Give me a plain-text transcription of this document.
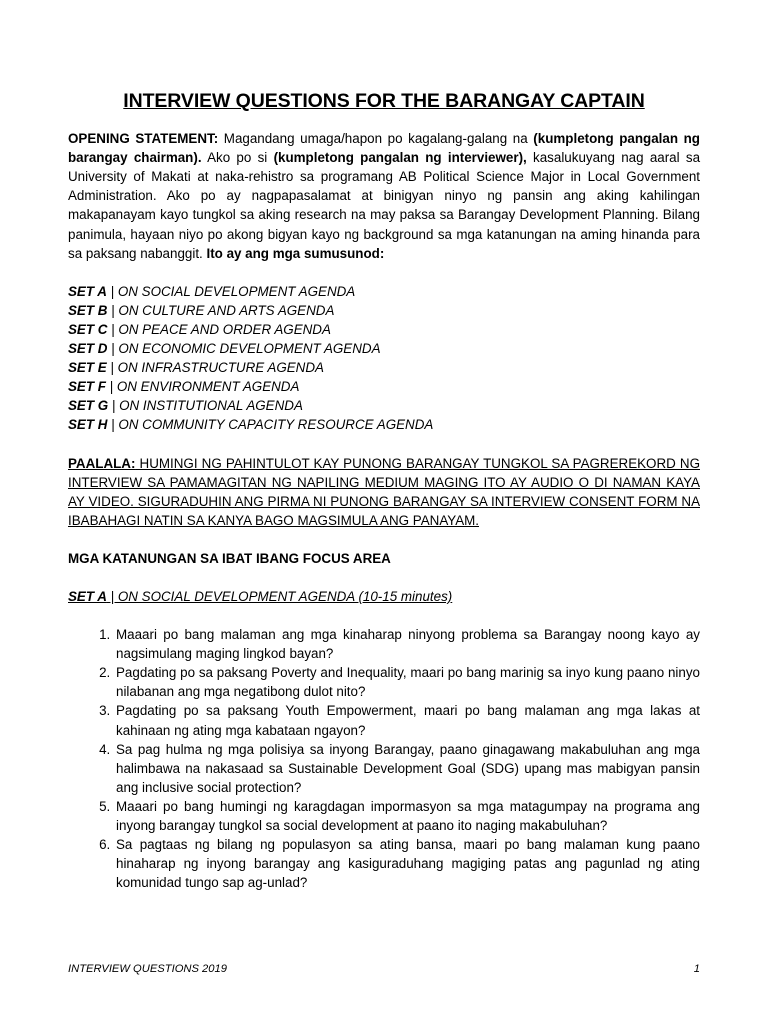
INTERVIEW QUESTIONS FOR THE BARANGAY CAPTAIN

OPENING STATEMENT: Magandang umaga/hapon po kagalang-galang na (kumpletong pangalan ng barangay chairman). Ako po si (kumpletong pangalan ng interviewer), kasalukuyang nag aaral sa University of Makati at naka-rehistro sa programang AB Political Science Major in Local Government Administration. Ako po ay nagpapasalamat at binigyan ninyo ng pansin ang aking kahilingan makapanayam kayo tungkol sa aking research na may paksa sa Barangay Development Planning. Bilang panimula, hayaan niyo po akong bigyan kayo ng background sa mga katanungan na aming hinanda para sa paksang nabanggit. Ito ay ang mga sumusunod:

SET A | ON SOCIAL DEVELOPMENT AGENDA
SET B | ON CULTURE AND ARTS AGENDA
SET C | ON PEACE AND ORDER AGENDA
SET D | ON ECONOMIC DEVELOPMENT AGENDA
SET E | ON INFRASTRUCTURE AGENDA
SET F | ON ENVIRONMENT AGENDA
SET G | ON INSTITUTIONAL AGENDA
SET H | ON COMMUNITY CAPACITY RESOURCE AGENDA

PAALALA: HUMINGI NG PAHINTULOT KAY PUNONG BARANGAY TUNGKOL SA PAGREREKORD NG INTERVIEW SA PAMAMAGITAN NG NAPILING MEDIUM MAGING ITO AY AUDIO O DI NAMAN KAYA AY VIDEO. SIGURADUHIN ANG PIRMA NI PUNONG BARANGAY SA INTERVIEW CONSENT FORM NA IBABAHAGI NATIN SA KANYA BAGO MAGSIMULA ANG PANAYAM.

MGA KATANUNGAN SA IBAT IBANG FOCUS AREA
SET A | ON SOCIAL DEVELOPMENT AGENDA (10-15 minutes)
1. Maaari po bang malaman ang mga kinaharap ninyong problema sa Barangay noong kayo ay nagsimulang maging lingkod bayan?
2. Pagdating po sa paksang Poverty and Inequality, maari po bang marinig sa inyo kung paano ninyo nilabanan ang mga negatibong dulot nito?
3. Pagdating po sa paksang Youth Empowerment, maari po bang malaman ang mga lakas at kahinaan ng ating mga kabataan ngayon?
4. Sa pag hulma ng mga polisiya sa inyong Barangay, paano ginagawang makabuluhan ang mga halimbawa na nakasaad sa Sustainable Development Goal (SDG) upang mas mabigyan pansin ang inclusive social protection?
5. Maaari po bang humingi ng karagdagan impormasyon sa mga matagumpay na programa ang inyong barangay tungkol sa social development at paano ito naging makabuluhan?
6. Sa pagtaas ng bilang ng populasyon sa ating bansa, maari po bang malaman kung paano hinaharap ng inyong barangay ang kasiguraduhang magiging patas ang pagunlad ng ating komunidad tungo sap ag-unlad?
INTERVIEW QUESTIONS 2019	1
